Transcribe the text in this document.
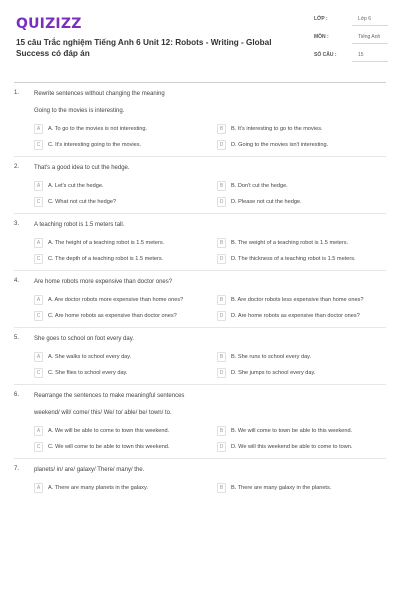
QUIZIZZ
15 câu Trắc nghiệm Tiếng Anh 6 Unit 12: Robots - Writing - Global Success có đáp án
LỚP :	Lớp 6
MÔN :	Tiếng Anh
SỐ CÂU :	15
1. Rewrite sentences without changing the meaning
Going to the movies is interesting.
A	A. To go to the movies is not interesting.	B	B. It's interesting to go to the movies.
C	C. It's interesting going to the movies.	D	D. Going to the movies isn't interesting.
2. That's a good idea to cut the hedge.
A	A. Let's cut the hedge.	B	B. Don't cut the hedge.
C	C. What not cut the hedge?	D	D. Please not cut the hedge.
3. A teaching robot is 1.5 meters tall.
A	A. The height of a teaching robot is 1.5 meters.	B	B. The weight of a teaching robot is 1.5 meters.
C	C. The depth of a teaching robot is 1.5 meters.	D	D. The thickness of a teaching robot is 1.5 meters.
4. Are home robots more expensive than doctor ones?
A	A. Are doctor robots more expensive than home ones?	B	B. Are doctor robots less expensive than home ones?
C	C. Are home robots as expensive than doctor ones?	D	D. Are home robots as expensive than doctor ones?
5. She goes to school on foot every day.
A	A. She walks to school every day.	B	B. She runs to school every day.
C	C. She flies to school every day.	D	D. She jumps to school every day.
6. Rearrange the sentences to make meaningful sentences
weekend/ will/ come/ this/ We/ to/ able/ be/ town/ to.
A	A. We will be able to come to town this weekend.	B	B. We will come to town be able to this weekend.
C	C. We will come to be able to town this weekend.	D	D. We will this weekend be able to come to town.
7. planets/ in/ are/ galaxy/ There/ many/ the.
A	A. There are many planets in the galaxy.	B	B. There are many galaxy in the planets.
